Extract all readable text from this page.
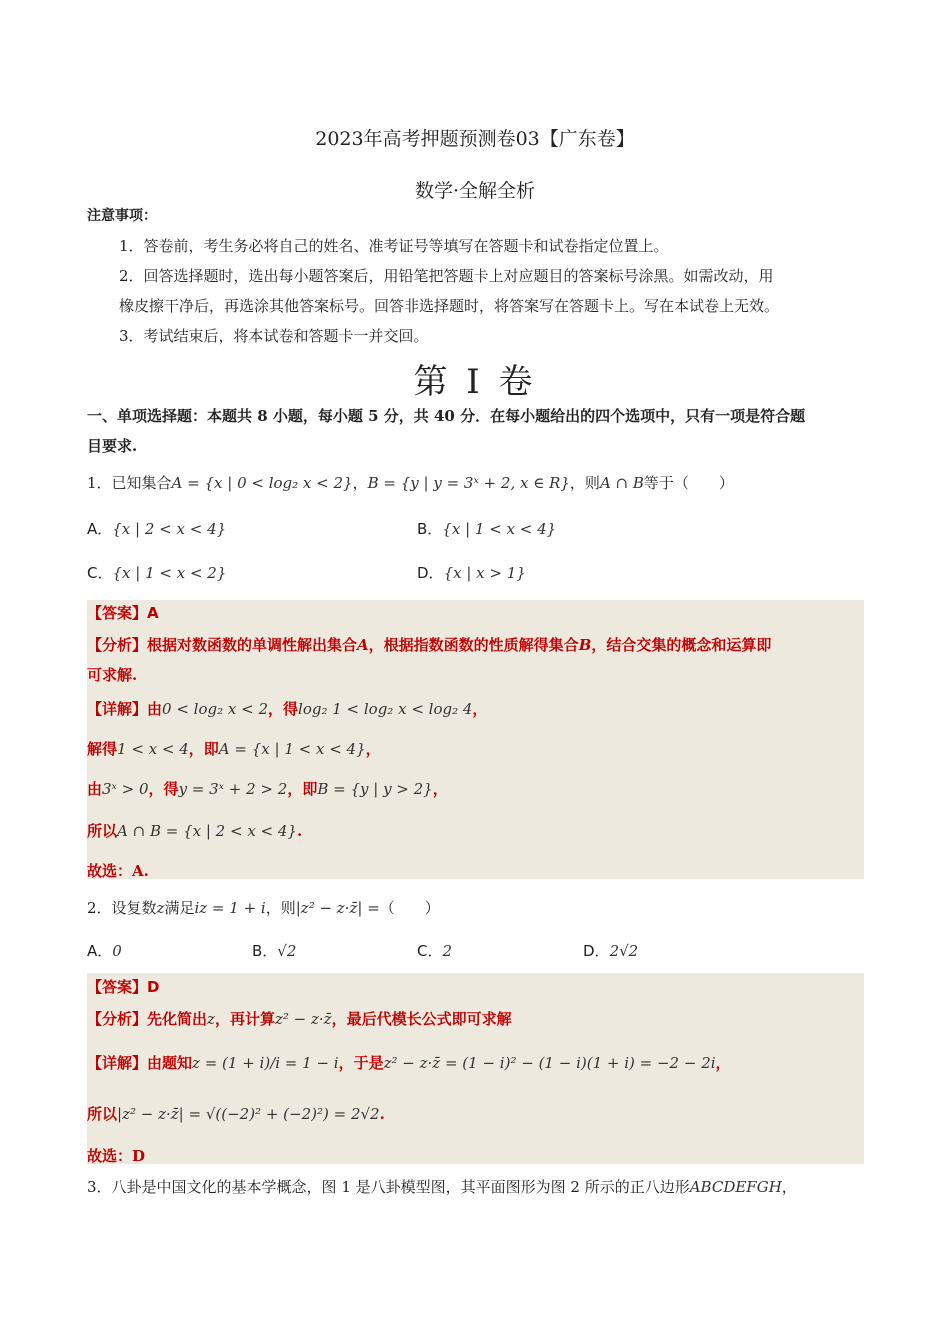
2023年高考押题预测卷03【广东卷】
数学·全解全析
注意事项：
1．答卷前，考生务必将自己的姓名、准考证号等填写在答题卡和试卷指定位置上。
2．回答选择题时，选出每小题答案后，用铅笔把答题卡上对应题目的答案标号涂黑。如需改动，用
橡皮擦干净后，再选涂其他答案标号。回答非选择题时，将答案写在答题卡上。写在本试卷上无效。
3．考试结束后，将本试卷和答题卡一并交回。
第 I 卷
一、单项选择题：本题共 8 小题，每小题 5 分，共 40 分．在每小题给出的四个选项中，只有一项是符合题
目要求.
1．已知集合A = {x | 0 < log₂ x < 2}，B = {y | y = 3ˣ + 2, x ∈ R}，则A ∩ B等于（　　）
A．{x | 2 < x < 4}	B．{x | 1 < x < 4}
C．{x | 1 < x < 2}	D．{x | x > 1}
【答案】A
【分析】根据对数函数的单调性解出集合A，根据指数函数的性质解得集合B，结合交集的概念和运算即
可求解.
【详解】由0 < log₂ x < 2，得log₂ 1 < log₂ x < log₂ 4，
解得1 < x < 4，即A = {x | 1 < x < 4}，
由3ˣ > 0，得y = 3ˣ + 2 > 2，即B = {y | y > 2}，
所以A ∩ B = {x | 2 < x < 4}.
故选：A.
2．设复数z满足iz = 1 + i，则|z² − z·z̄| =（　　）
A．0	B．√2	C．2	D．2√2
【答案】D
【分析】先化简出z，再计算z² − z·z̄，最后代模长公式即可求解
【详解】由题知z = (1 + i)/i = 1 − i，于是z² − z·z̄ = (1 − i)² − (1 − i)(1 + i) = −2 − 2i，
所以|z² − z·z̄| = √((−2)² + (−2)²) = 2√2.
故选：D
3．八卦是中国文化的基本学概念，图 1 是八卦模型图，其平面图形为图 2 所示的正八边形ABCDEFGH，
